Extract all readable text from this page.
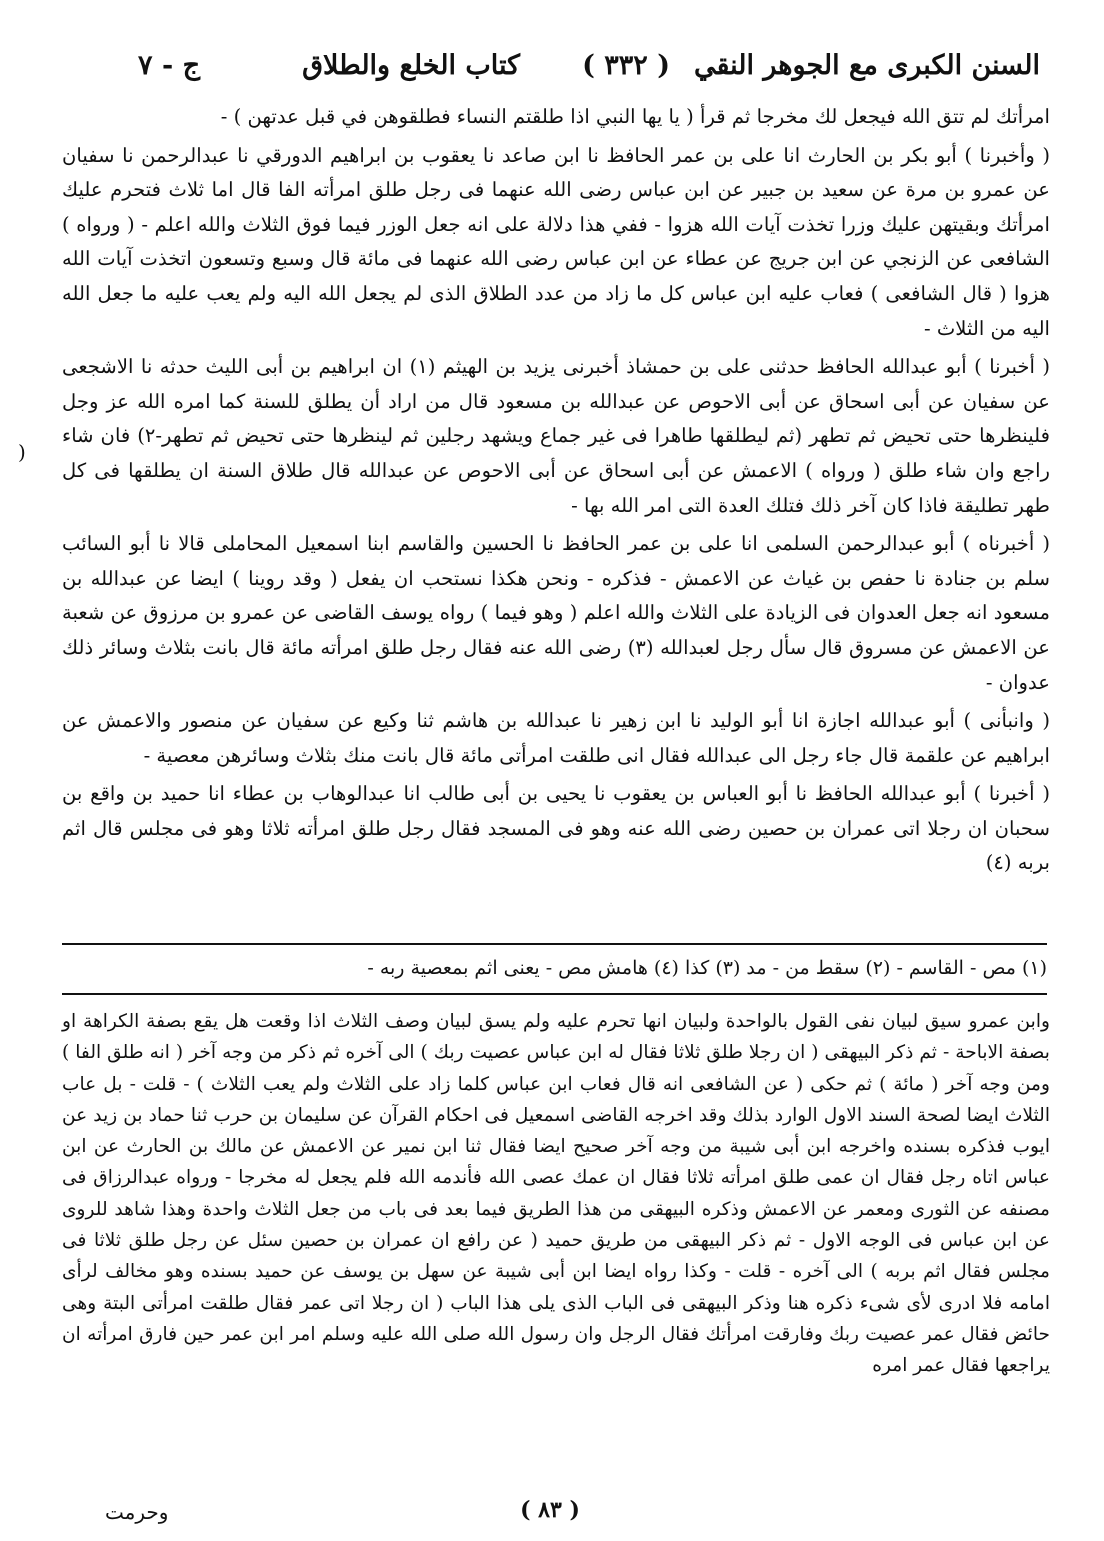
السنن الكبرى مع الجوهر النقي
( ٣٣٢ )
كتاب الخلع والطلاق
ج - ٧

امرأتك لم تتق الله فيجعل لك مخرجا ثم قرأ ( يا يها النبي اذا طلقتم النساء فطلقوهن في قبل عدتهن ) -

( وأخبرنا ) أبو بكر بن الحارث انا على بن عمر الحافظ نا ابن صاعد نا يعقوب بن ابراهيم الدورقي نا عبدالرحمن نا سفيان عن عمرو بن مرة عن سعيد بن جبير عن ابن عباس رضى الله عنهما فى رجل طلق امرأته الفا قال اما ثلاث فتحرم عليك امرأتك وبقيتهن عليك وزرا تخذت آيات الله هزوا - ففي هذا دلالة على انه جعل الوزر فيما فوق الثلاث والله اعلم - ( ورواه ) الشافعى عن الزنجي عن ابن جريج عن عطاء عن ابن عباس رضى الله عنهما فى مائة قال وسبع وتسعون اتخذت آيات الله هزوا ( قال الشافعى ) فعاب عليه ابن عباس كل ما زاد من عدد الطلاق الذى لم يجعل الله اليه ولم يعب عليه ما جعل الله اليه من الثلاث -

( أخبرنا ) أبو عبدالله الحافظ حدثنى على بن حمشاذ أخبرنى يزيد بن الهيثم (١) ان ابراهيم بن أبى الليث حدثه نا الاشجعى عن سفيان عن أبى اسحاق عن أبى الاحوص عن عبدالله بن مسعود قال من اراد أن يطلق للسنة كما امره الله عز وجل فلينظرها حتى تحيض ثم تطهر (ثم ليطلقها طاهرا فى غير جماع ويشهد رجلين ثم لينظرها حتى تحيض ثم تطهر-٢) فان شاء راجع وان شاء طلق ( ورواه ) الاعمش عن أبى اسحاق عن أبى الاحوص عن عبدالله قال طلاق السنة ان يطلقها فى كل طهر تطليقة فاذا كان آخر ذلك فتلك العدة التى امر الله بها -

( أخبرناه ) أبو عبدالرحمن السلمى انا على بن عمر الحافظ نا الحسين والقاسم ابنا اسمعيل المحاملى قالا نا أبو السائب سلم بن جنادة نا حفص بن غياث عن الاعمش - فذكره - ونحن هكذا نستحب ان يفعل ( وقد روينا ) ايضا عن عبدالله بن مسعود انه جعل العدوان فى الزيادة على الثلاث والله اعلم ( وهو فيما ) رواه يوسف القاضى عن عمرو بن مرزوق عن شعبة عن الاعمش عن مسروق قال سأل رجل لعبدالله (٣) رضى الله عنه فقال رجل طلق امرأته مائة قال بانت بثلاث وسائر ذلك عدوان -

( وانبأنى ) أبو عبدالله اجازة انا أبو الوليد نا ابن زهير نا عبدالله بن هاشم ثنا وكيع عن سفيان عن منصور والاعمش عن ابراهيم عن علقمة قال جاء رجل الى عبدالله فقال انى طلقت امرأتى مائة قال بانت منك بثلاث وسائرهن معصية -

( أخبرنا ) أبو عبدالله الحافظ نا أبو العباس بن يعقوب نا يحيى بن أبى طالب انا عبدالوهاب بن عطاء انا حميد بن واقع بن سحبان ان رجلا اتى عمران بن حصين رضى الله عنه وهو فى المسجد فقال رجل طلق امرأته ثلاثا وهو فى مجلس قال اثم بربه (٤)

)
(١) مص - القاسم - (٢) سقط من - مد (٣) كذا (٤) هامش مص - يعنى اثم بمعصية ربه -

وابن عمرو سيق لبيان نفى القول بالواحدة ولبيان انها تحرم عليه ولم يسق لبيان وصف الثلاث اذا وقعت هل يقع بصفة الكراهة او بصفة الاباحة - ثم ذكر البيهقى ( ان رجلا طلق ثلاثا فقال له ابن عباس عصيت ربك ) الى آخره ثم ذكر من وجه آخر ( انه طلق الفا ) ومن وجه آخر ( مائة ) ثم حكى ( عن الشافعى انه قال فعاب ابن عباس كلما زاد على الثلاث ولم يعب الثلاث ) - قلت - بل عاب الثلاث ايضا لصحة السند الاول الوارد بذلك وقد اخرجه القاضى اسمعيل فى احكام القرآن عن سليمان بن حرب ثنا حماد بن زيد عن ايوب فذكره بسنده واخرجه ابن أبى شيبة من وجه آخر صحيح ايضا فقال ثنا ابن نمير عن الاعمش عن مالك بن الحارث عن ابن عباس اتاه رجل فقال ان عمى طلق امرأته ثلاثا فقال ان عمك عصى الله فأندمه الله فلم يجعل له مخرجا - ورواه عبدالرزاق فى مصنفه عن الثورى ومعمر عن الاعمش وذكره البيهقى من هذا الطريق فيما بعد فى باب من جعل الثلاث واحدة وهذا شاهد للروى عن ابن عباس فى الوجه الاول - ثم ذكر البيهقى من طريق حميد ( عن رافع ان عمران بن حصين سئل عن رجل طلق ثلاثا فى مجلس فقال اثم بربه ) الى آخره - قلت - وكذا رواه ايضا ابن أبى شيبة عن سهل بن يوسف عن حميد بسنده وهو مخالف لرأى امامه فلا ادرى لأى شىء ذكره هنا وذكر البيهقى فى الباب الذى يلى هذا الباب ( ان رجلا اتى عمر فقال طلقت امرأتى البتة وهى حائض فقال عمر عصيت ربك وفارقت امرأتك فقال الرجل وان رسول الله صلى الله عليه وسلم امر ابن عمر حين فارق امرأته ان يراجعها فقال عمر امره

( ٨٣ )
وحرمت
